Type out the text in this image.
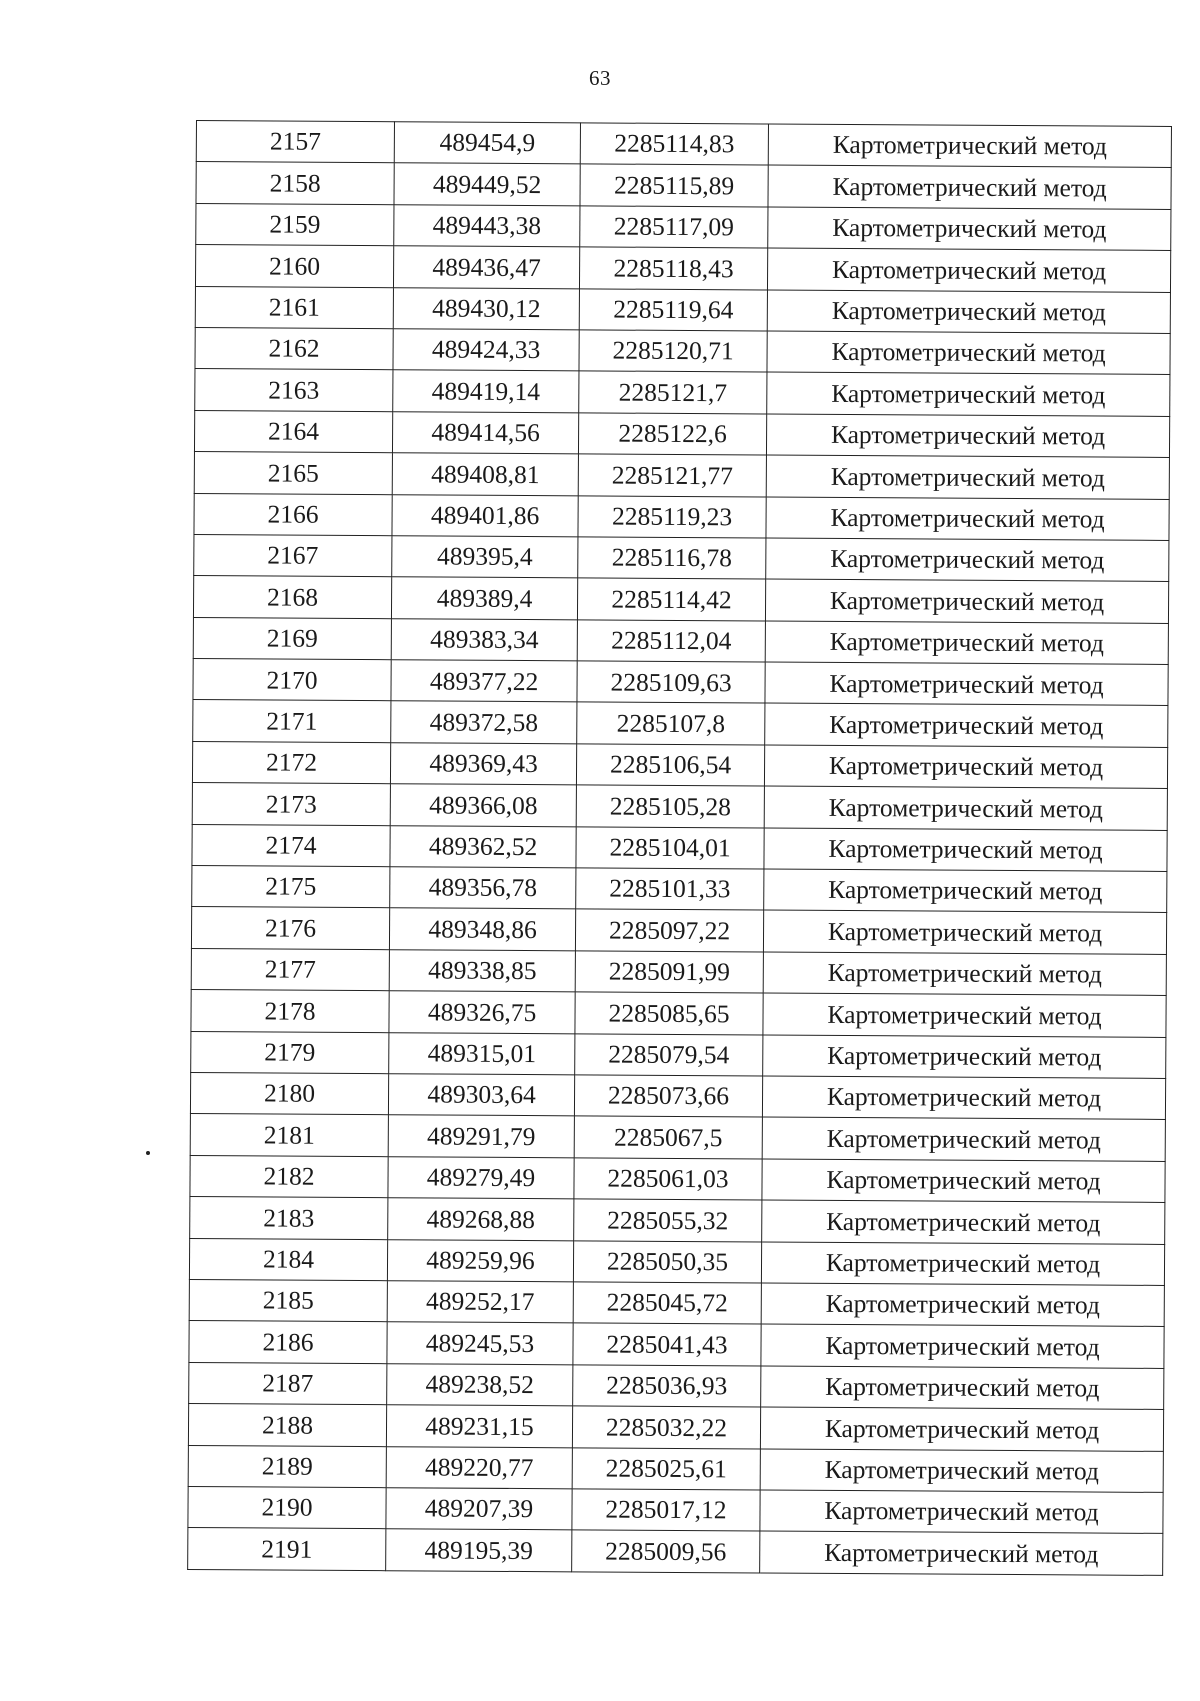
63
2157	489454,9	2285114,83	Картометрический метод
2158	489449,52	2285115,89	Картометрический метод
2159	489443,38	2285117,09	Картометрический метод
2160	489436,47	2285118,43	Картометрический метод
2161	489430,12	2285119,64	Картометрический метод
2162	489424,33	2285120,71	Картометрический метод
2163	489419,14	2285121,7	Картометрический метод
2164	489414,56	2285122,6	Картометрический метод
2165	489408,81	2285121,77	Картометрический метод
2166	489401,86	2285119,23	Картометрический метод
2167	489395,4	2285116,78	Картометрический метод
2168	489389,4	2285114,42	Картометрический метод
2169	489383,34	2285112,04	Картометрический метод
2170	489377,22	2285109,63	Картометрический метод
2171	489372,58	2285107,8	Картометрический метод
2172	489369,43	2285106,54	Картометрический метод
2173	489366,08	2285105,28	Картометрический метод
2174	489362,52	2285104,01	Картометрический метод
2175	489356,78	2285101,33	Картометрический метод
2176	489348,86	2285097,22	Картометрический метод
2177	489338,85	2285091,99	Картометрический метод
2178	489326,75	2285085,65	Картометрический метод
2179	489315,01	2285079,54	Картометрический метод
2180	489303,64	2285073,66	Картометрический метод
2181	489291,79	2285067,5	Картометрический метод
2182	489279,49	2285061,03	Картометрический метод
2183	489268,88	2285055,32	Картометрический метод
2184	489259,96	2285050,35	Картометрический метод
2185	489252,17	2285045,72	Картометрический метод
2186	489245,53	2285041,43	Картометрический метод
2187	489238,52	2285036,93	Картометрический метод
2188	489231,15	2285032,22	Картометрический метод
2189	489220,77	2285025,61	Картометрический метод
2190	489207,39	2285017,12	Картометрический метод
2191	489195,39	2285009,56	Картометрический метод
